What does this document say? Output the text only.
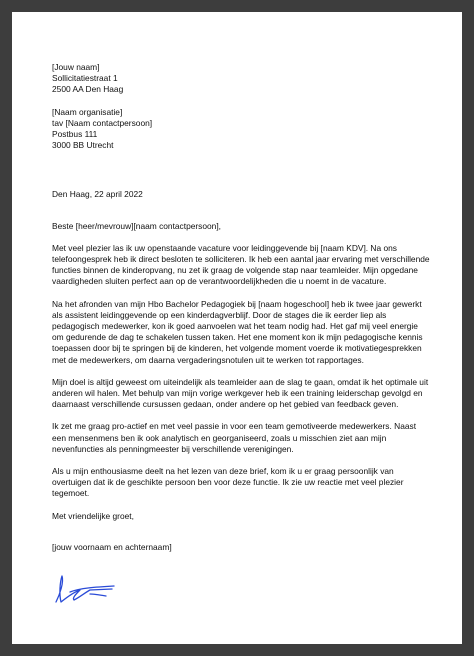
[Jouw naam]
Sollicitatiestraat 1
2500 AA Den Haag
[Naam organisatie]
tav [Naam contactpersoon]
Postbus 111
3000 BB Utrecht
Den Haag, 22 april 2022
Beste [heer/mevrouw][naam contactpersoon],

Met veel plezier las ik uw openstaande vacature voor leidinggevende bij [naam KDV]. Na ons telefoongesprek heb ik direct besloten te solliciteren. Ik heb een aantal jaar ervaring met verschillende functies binnen de kinderopvang, nu zet ik graag de volgende stap naar teamleider. Mijn opgedane vaardigheden sluiten perfect aan op de verantwoordelijkheden die u noemt in de vacature.

Na het afronden van mijn Hbo Bachelor Pedagogiek bij [naam hogeschool] heb ik twee jaar gewerkt als assistent leidinggevende op een kinderdagverblijf. Door de stages die ik eerder liep als pedagogisch medewerker, kon ik goed aanvoelen wat het team nodig had. Het gaf mij veel energie om gedurende de dag te schakelen tussen taken. Het ene moment kon ik mijn pedagogische kennis toepassen door bij te springen bij de kinderen, het volgende moment voerde ik motivatiegesprekken met de medewerkers, om daarna vergaderingsnotulen uit te werken tot rapportages.

Mijn doel is altijd geweest om uiteindelijk als teamleider aan de slag te gaan, omdat ik het optimale uit anderen wil halen. Met behulp van mijn vorige werkgever heb ik een training leiderschap gevolgd en daarnaast verschillende cursussen gedaan, onder andere op het gebied van feedback geven.

Ik zet me graag pro-actief en met veel passie in voor een team gemotiveerde medewerkers. Naast een mensenmens ben ik ook analytisch en georganiseerd, zoals u misschien ziet aan mijn nevenfuncties als penningmeester bij verschillende verenigingen.

Als u mijn enthousiasme deelt na het lezen van deze brief, kom ik u er graag persoonlijk van overtuigen dat ik de geschikte persoon ben voor deze functie. Ik zie uw reactie met veel plezier tegemoet.

Met vriendelijke groet,
[jouw voornaam en achternaam]
